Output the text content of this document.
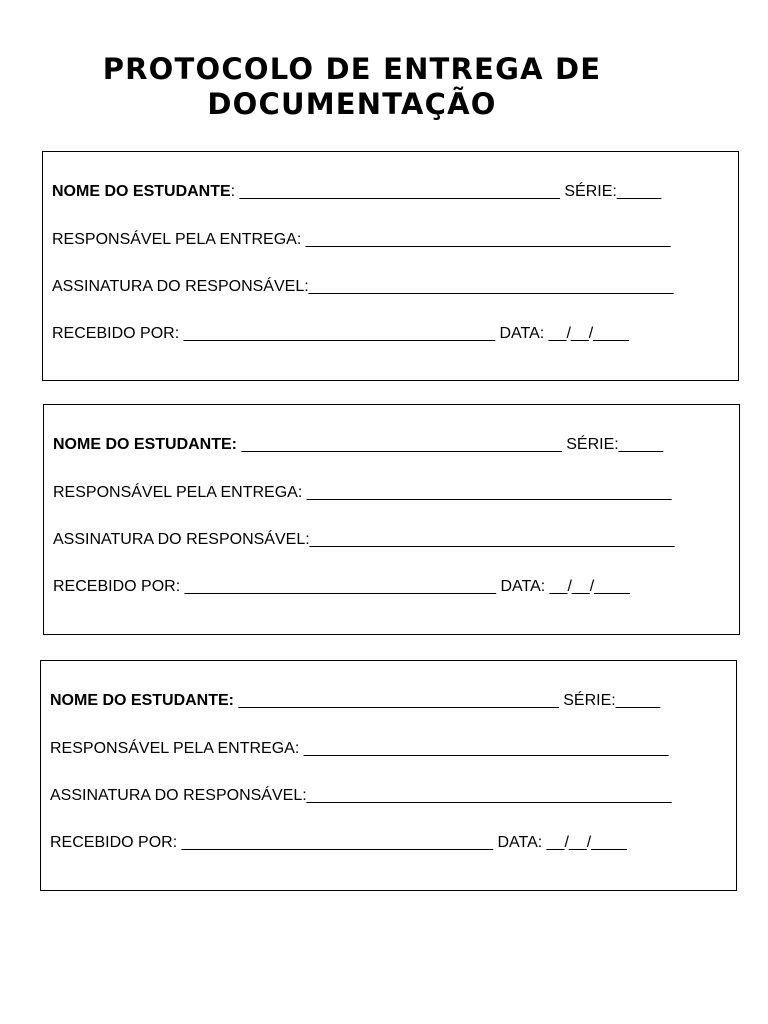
PROTOCOLO DE ENTREGA DE
DOCUMENTAÇÃO
NOME DO ESTUDANTE: ____________________________________ SÉRIE:_____
RESPONSÁVEL PELA ENTREGA: _________________________________________
ASSINATURA DO RESPONSÁVEL:_________________________________________
RECEBIDO POR: ___________________________________ DATA: __/__/____
NOME DO ESTUDANTE: ____________________________________ SÉRIE:_____
RESPONSÁVEL PELA ENTREGA: _________________________________________
ASSINATURA DO RESPONSÁVEL:_________________________________________
RECEBIDO POR: ___________________________________ DATA: __/__/____
NOME DO ESTUDANTE: ____________________________________ SÉRIE:_____
RESPONSÁVEL PELA ENTREGA: _________________________________________
ASSINATURA DO RESPONSÁVEL:_________________________________________
RECEBIDO POR: ___________________________________ DATA: __/__/____
